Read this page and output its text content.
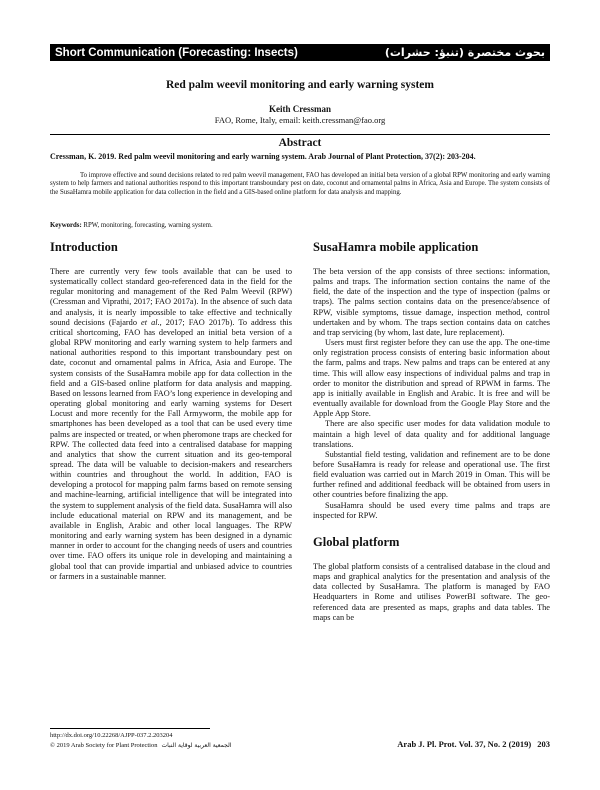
Short Communication (Forecasting: Insects)	بحوث مختصرة (تنبؤ: حشرات)
Red palm weevil monitoring and early warning system
Keith Cressman
FAO, Rome, Italy, email: keith.cressman@fao.org
Abstract
Cressman, K. 2019. Red palm weevil monitoring and early warning system. Arab Journal of Plant Protection, 37(2): 203-204.
To improve effective and sound decisions related to red palm weevil management, FAO has developed an initial beta version of a global RPW monitoring and early warning system to help farmers and national authorities respond to this important transboundary pest on date, coconut and ornamental palms in Africa, Asia and Europe. The system consists of the SusaHamra mobile application for data collection in the field and a GIS-based online platform for data analysis and mapping.
Keywords: RPW, monitoring, forecasting, warning system.
Introduction

There are currently very few tools available that can be used to systematically collect standard geo-referenced data in the field for the regular monitoring and management of the Red Palm Weevil (RPW) (Cressman and Viprathi, 2017; FAO 2017a). In the absence of such data and analysis, it is nearly impossible to take effective and technically sound decisions (Fajardo et al., 2017; FAO 2017b). To address this critical shortcoming, FAO has developed an initial beta version of a global RPW monitoring and early warning system to help farmers and national authorities respond to this important transboundary pest on date, coconut and ornamental palms in Africa, Asia and Europe. The system consists of the SusaHamra mobile app for data collection in the field and a GIS-based online platform for data analysis and mapping. Based on lessons learned from FAO’s long experience in developing and operating global monitoring and early warning systems for Desert Locust and more recently for the Fall Armyworm, the mobile app for smartphones has been developed as a tool that can be used every time palms are inspected or treated, or when pheromone traps are checked for RPW. The collected data feed into a centralised database for mapping and analytics that show the current situation and its geo-temporal spread. The data will be valuable to decision-makers and researchers within countries and throughout the world. In addition, FAO is developing a protocol for mapping palm farms based on remote sensing and machine-learning, artificial intelligence that will be integrated into the system to supplement analysis of the field data. SusaHamra will also include educational material on RPW and its management, and be available in English, Arabic and other local languages. The RPW monitoring and early warning system has been designed in a dynamic manner in order to account for the changing needs of users and countries over time. FAO offers its unique role in developing and maintaining a global tool that can provide impartial and unbiased advice to countries or farmers in a sustainable manner.

SusaHamra mobile application

The beta version of the app consists of three sections: information, palms and traps. The information section contains the name of the field, the date of the inspection and the type of inspection (palms or traps). The palms section contains data on the presence/absence of RPW, visible symptoms, tissue damage, inspection method, control undertaken and by whom. The traps section contains data on catches and trap servicing (by whom, last date, lure replacement).

Users must first register before they can use the app. The one-time only registration process consists of entering basic information about the farm, palms and traps. New palms and traps can be entered at any time. This will allow easy inspections of individual palms and trap in order to monitor the distribution and spread of RPWM in farms. The app is initially available in English and Arabic. It is free and will be eventually available for download from the Google Play Store and the Apple App Store.

There are also specific user modes for data validation module to maintain a high level of data quality and for additional language translations.

Substantial field testing, validation and refinement are to be done before SusaHamra is ready for release and operational use. The first field evaluation was carried out in March 2019 in Oman. This will be further refined and additional feedback will be obtained from users in other countries before finalizing the app.

SusaHamra should be used every time palms and traps are inspected for RPW.

Global platform

The global platform consists of a centralised database in the cloud and maps and graphical analytics for the presentation and analysis of the data collected by SusaHamra. The platform is managed by FAO Headquarters in Rome and utilises PowerBI software. The geo-referenced data are presented as maps, graphs and data tables. The maps can be

http://dx.doi.org/10.22268/AJPP-037.2.203204
© 2019 Arab Society for Plant Protection الجمعية العربية لوقاية النبات	Arab J. Pl. Prot. Vol. 37, No. 2 (2019) 203
